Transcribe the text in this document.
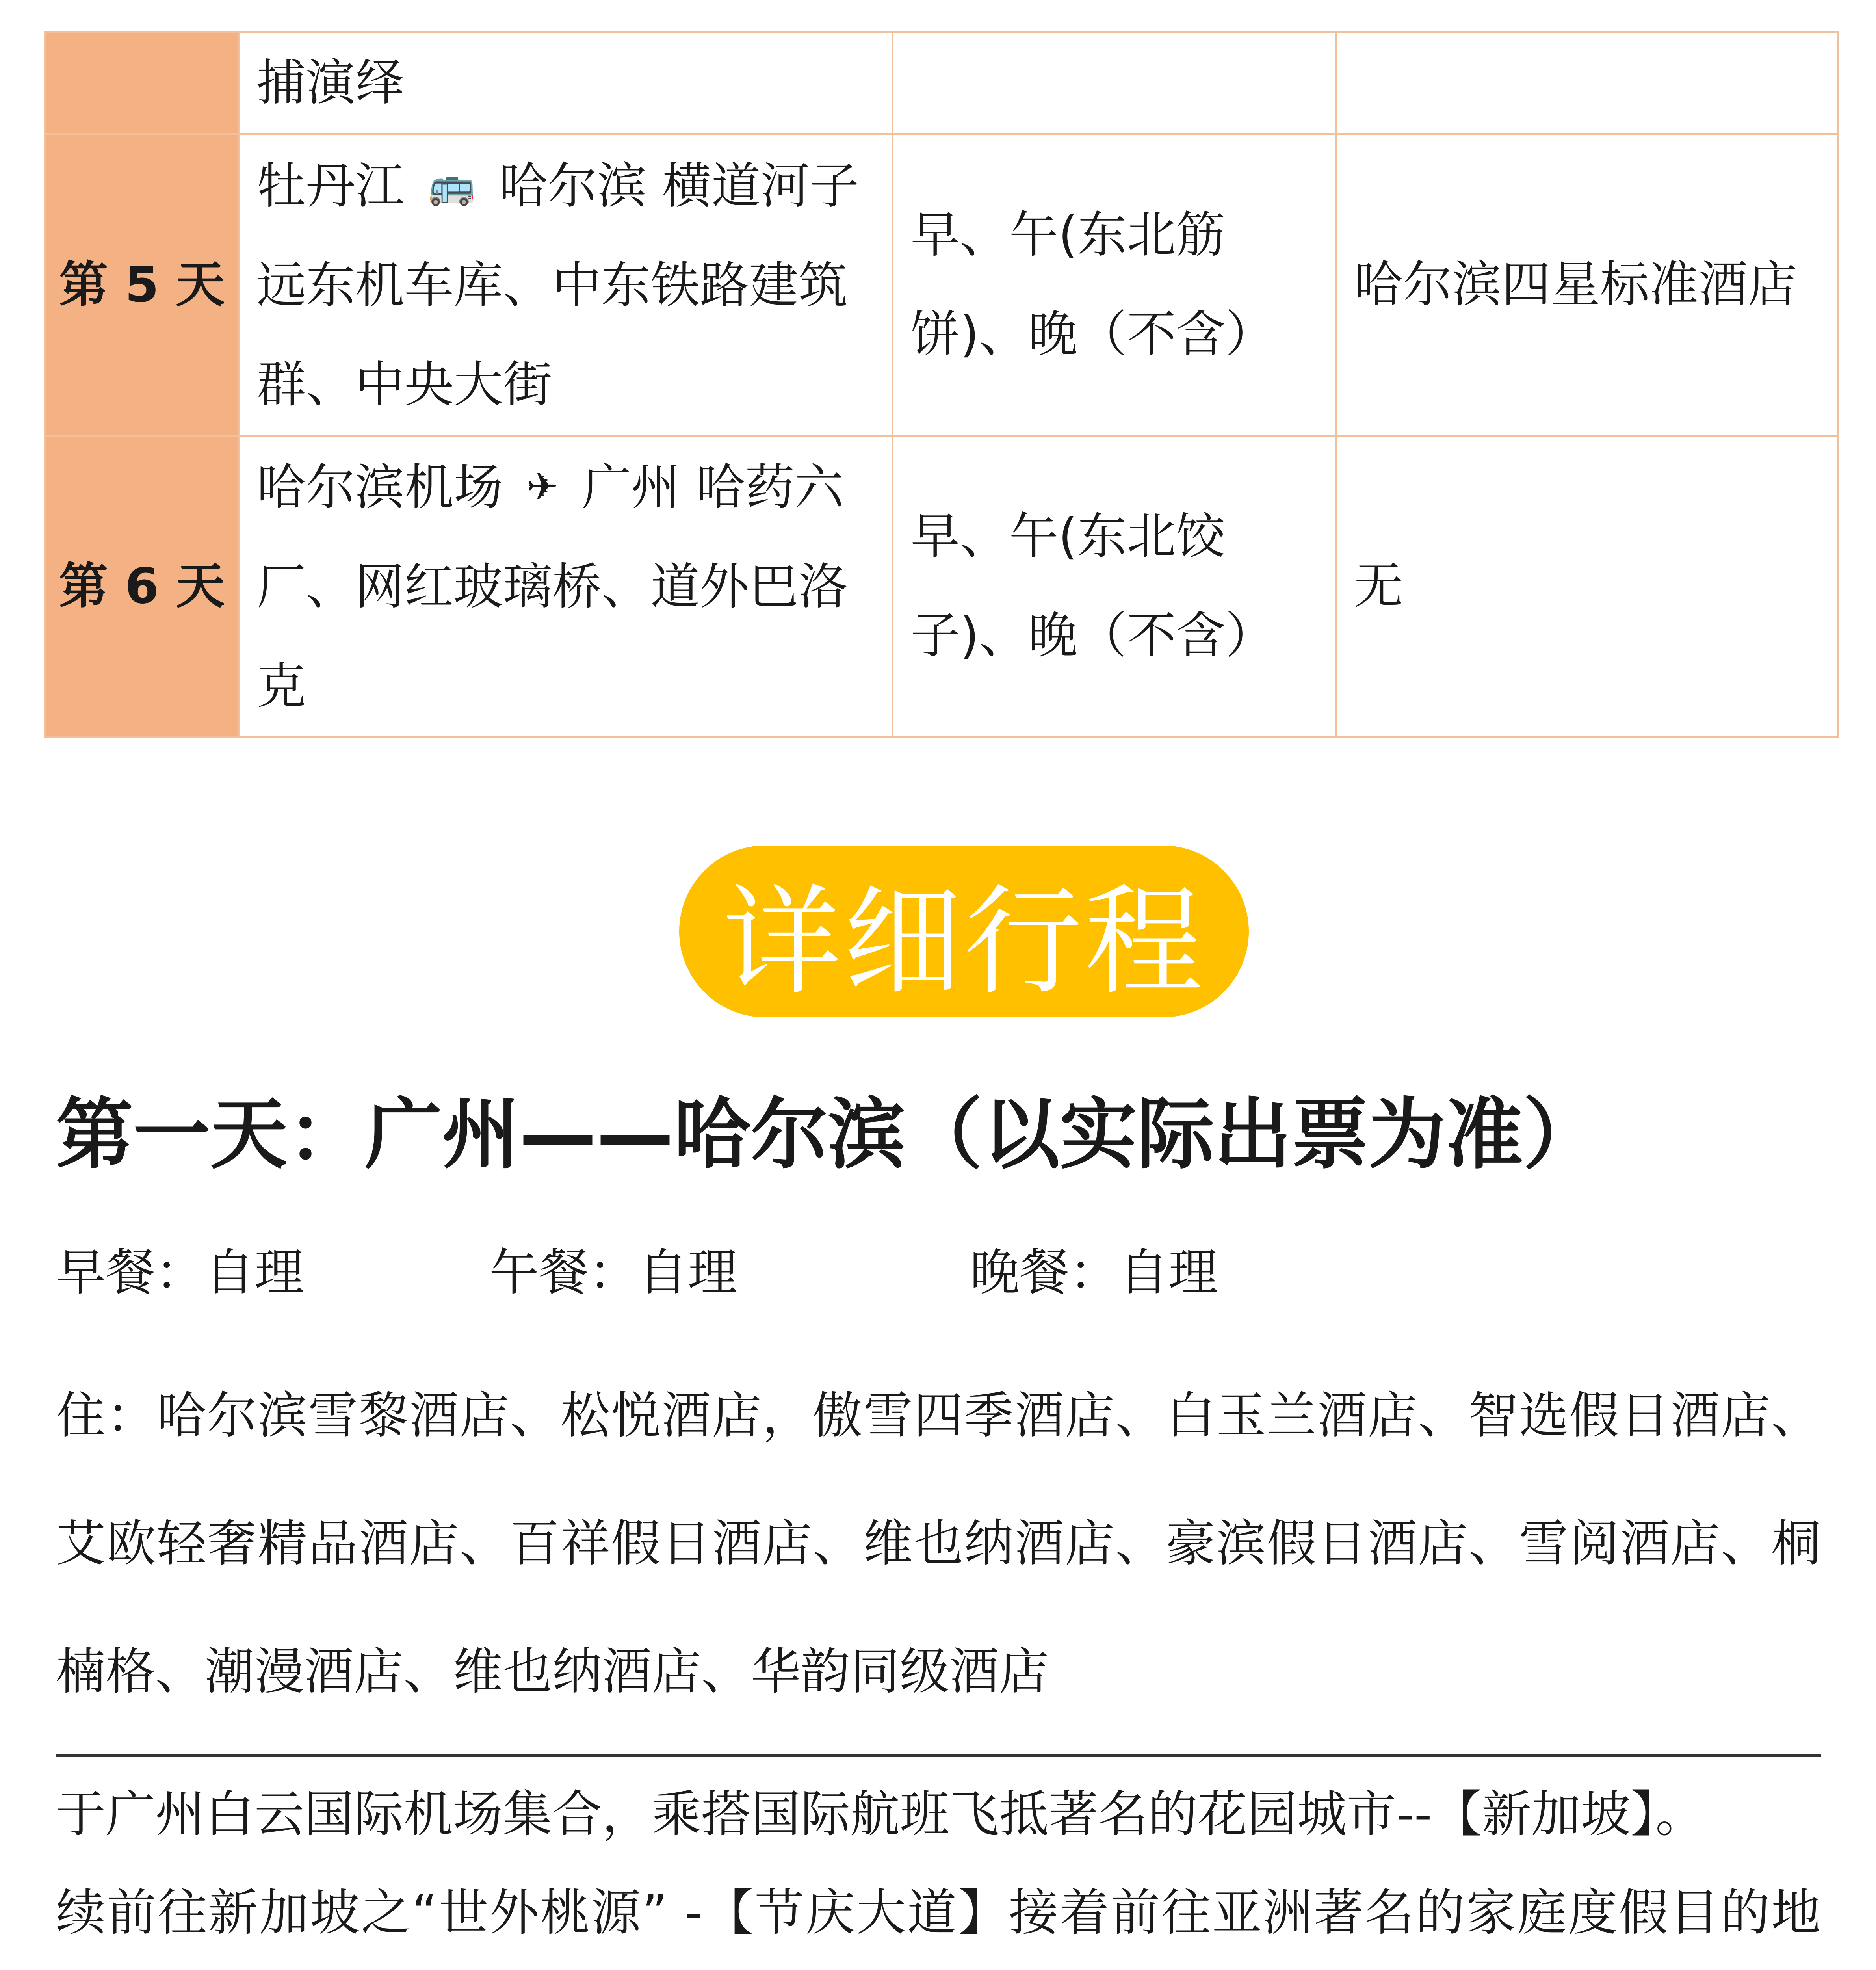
	捕演绎		
第 5 天	牡丹江 🚌 哈尔滨 横道河子远东机车库、中东铁路建筑群、中央大街	早、午(东北筋饼)、晚（不含）	哈尔滨四星标准酒店
第 6 天	哈尔滨机场 ✈ 广州 哈药六厂、网红玻璃桥、道外巴洛克	早、午(东北饺子)、晚（不含）	无
详细行程
第一天：广州——哈尔滨（以实际出票为准）
早餐：自理	午餐：自理	晚餐：自理
住：哈尔滨雪黎酒店、松悦酒店，傲雪四季酒店、白玉兰酒店、智选假日酒店、艾欧轻奢精品酒店、百祥假日酒店、维也纳酒店、豪滨假日酒店、雪阅酒店、桐楠格、潮漫酒店、维也纳酒店、华韵同级酒店

于广州白云国际机场集合，乘搭国际航班飞抵著名的花园城市--【新加坡】。

续前往新加坡之“世外桃源” -【节庆大道】接着前往亚洲著名的家庭度假目的地
